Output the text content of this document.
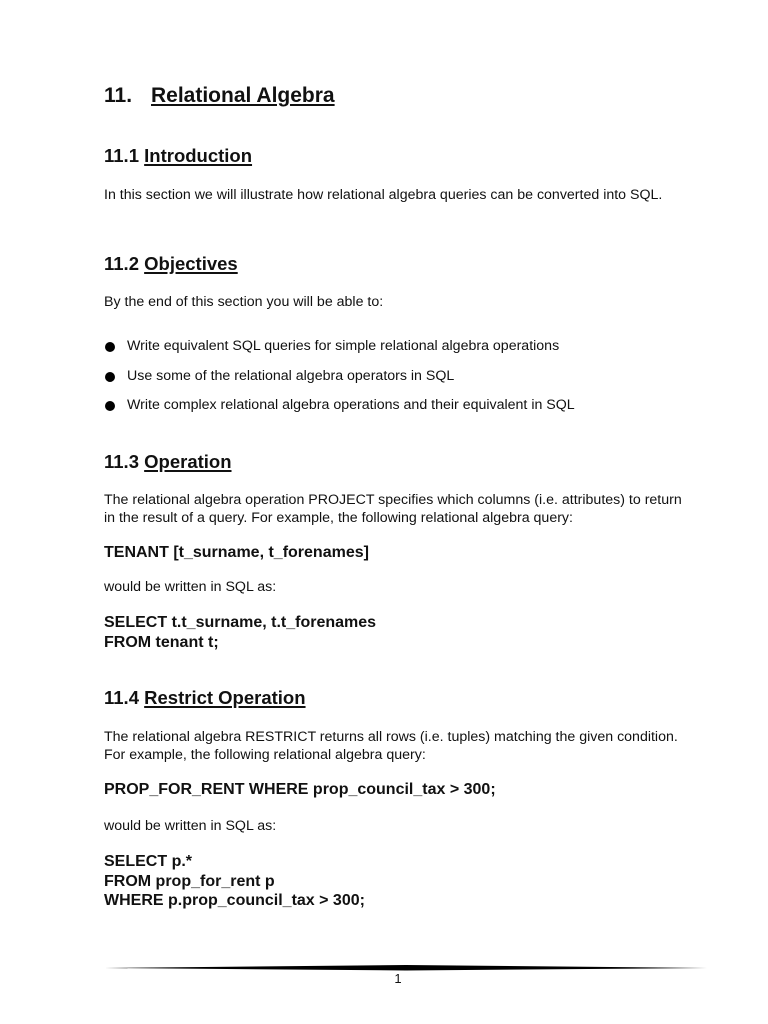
11. Relational Algebra
11.1 Introduction

In this section we will illustrate how relational algebra queries can be converted into SQL.

11.2 Objectives

By the end of this section you will be able to:

Write equivalent SQL queries for simple relational algebra operations
Use some of the relational algebra operators in SQL
Write complex relational algebra operations and their equivalent in SQL
11.3 Operation

The relational algebra operation PROJECT specifies which columns (i.e. attributes) to return in the result of a query. For example, the following relational algebra query:

TENANT [t_surname, t_forenames]

would be written in SQL as:

SELECT t.t_surname, t.t_forenames
FROM tenant t;
11.4 Restrict Operation

The relational algebra RESTRICT returns all rows (i.e. tuples) matching the given condition. For example, the following relational algebra query:

PROP_FOR_RENT WHERE prop_council_tax > 300;

would be written in SQL as:

SELECT p.*
FROM prop_for_rent p
WHERE p.prop_council_tax > 300;
1
